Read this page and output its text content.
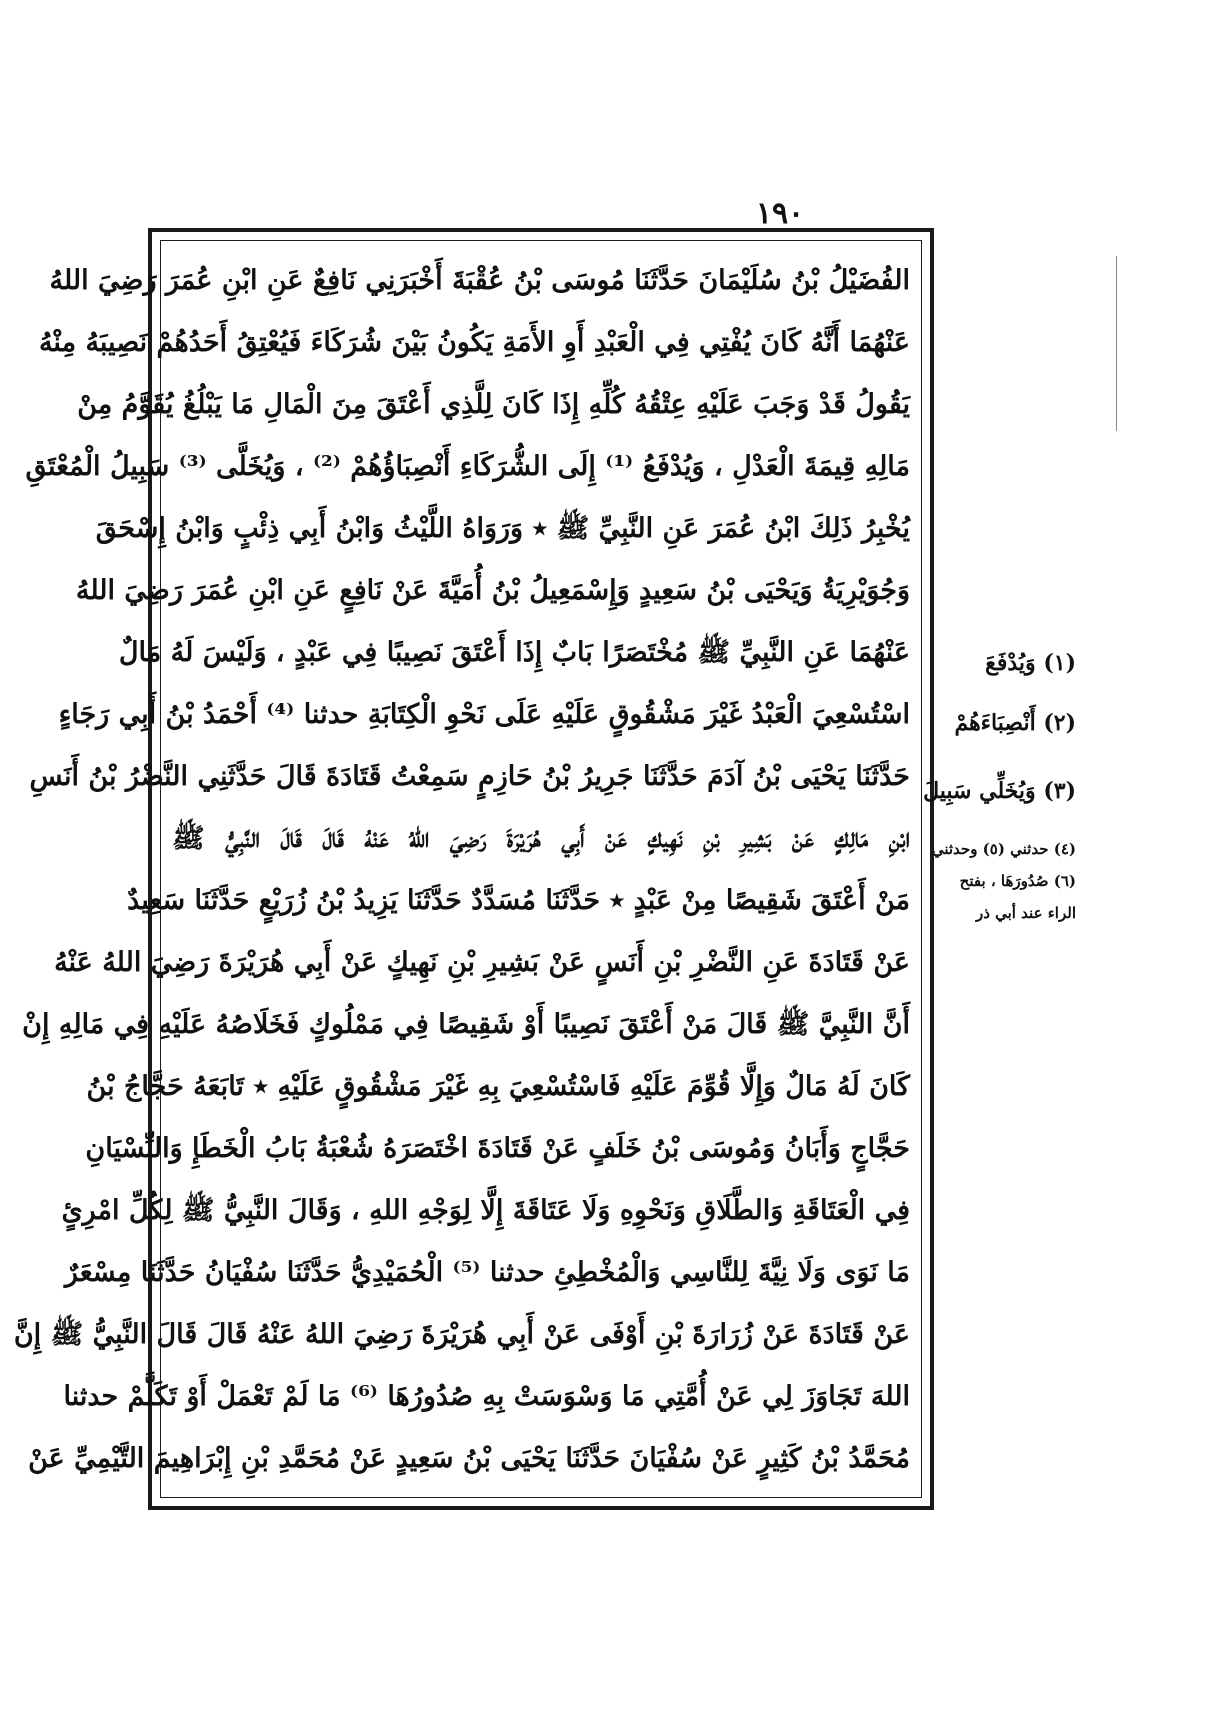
١٩٠
الفُضَيْلُ بْنُ سُلَيْمَانَ حَدَّثَنَا مُوسَى بْنُ عُقْبَةَ أَخْبَرَنِي نَافِعٌ عَنِ ابْنِ عُمَرَ رَضِيَ اللهُ
عَنْهُمَا أَنَّهُ كَانَ يُفْتِي فِي الْعَبْدِ أَوِ الأَمَةِ يَكُونُ بَيْنَ شُرَكَاءَ فَيُعْتِقُ أَحَدُهُمْ نَصِيبَهُ مِنْهُ
يَقُولُ قَدْ وَجَبَ عَلَيْهِ عِتْقُهُ كُلِّهِ إِذَا كَانَ لِلَّذِي أَعْتَقَ مِنَ الْمَالِ مَا يَبْلُغُ يُقَوَّمُ مِنْ
مَالِهِ قِيمَةَ الْعَدْلِ ، وَيُدْفَعُ ⁽¹⁾ إِلَى الشُّرَكَاءِ أَنْصِبَاؤُهُمْ ⁽²⁾ ، وَيُخَلَّى ⁽³⁾ سَبِيلُ الْمُعْتَقِ
يُخْبِرُ ذَلِكَ ابْنُ عُمَرَ عَنِ النَّبِيِّ ﷺ ٭ وَرَوَاهُ اللَّيْثُ وَابْنُ أَبِي ذِئْبٍ وَابْنُ إِسْحَقَ
وَجُوَيْرِيَةُ وَيَحْيَى بْنُ سَعِيدٍ وَإِسْمَعِيلُ بْنُ أُمَيَّةَ عَنْ نَافِعٍ عَنِ ابْنِ عُمَرَ رَضِيَ اللهُ
عَنْهُمَا عَنِ النَّبِيِّ ﷺ مُخْتَصَرًا بَابٌ إِذَا أَعْتَقَ نَصِيبًا فِي عَبْدٍ ، وَلَيْسَ لَهُ مَالٌ
اسْتُسْعِيَ الْعَبْدُ غَيْرَ مَشْقُوقٍ عَلَيْهِ عَلَى نَحْوِ الْكِتَابَةِ حدثنا ⁽⁴⁾ أَحْمَدُ بْنُ أَبِي رَجَاءٍ
حَدَّثَنَا يَحْيَى بْنُ آدَمَ حَدَّثَنَا جَرِيرُ بْنُ حَازِمٍ سَمِعْتُ قَتَادَةَ قَالَ حَدَّثَنِي النَّضْرُ بْنُ أَنَسِ
ابْنِ مَالِكٍ عَنْ بَشِيرِ بْنِ نَهِيكٍ عَنْ أَبِي هُرَيْرَةَ رَضِيَ اللهُ عَنْهُ قَالَ قَالَ النَّبِيُّ ﷺ
مَنْ أَعْتَقَ شَقِيصًا مِنْ عَبْدٍ ٭ حَدَّثَنَا مُسَدَّدٌ حَدَّثَنَا يَزِيدُ بْنُ زُرَيْعٍ حَدَّثَنَا سَعِيدٌ
عَنْ قَتَادَةَ عَنِ النَّضْرِ بْنِ أَنَسٍ عَنْ بَشِيرِ بْنِ نَهِيكٍ عَنْ أَبِي هُرَيْرَةَ رَضِيَ اللهُ عَنْهُ
أَنَّ النَّبِيَّ ﷺ قَالَ مَنْ أَعْتَقَ نَصِيبًا أَوْ شَقِيصًا فِي مَمْلُوكٍ فَخَلَاصُهُ عَلَيْهِ فِي مَالِهِ إِنْ
كَانَ لَهُ مَالٌ وَإِلَّا قُوِّمَ عَلَيْهِ فَاسْتُسْعِيَ بِهِ غَيْرَ مَشْقُوقٍ عَلَيْهِ ٭ تَابَعَهُ حَجَّاجُ بْنُ
حَجَّاجٍ وَأَبَانُ وَمُوسَى بْنُ خَلَفٍ عَنْ قَتَادَةَ اخْتَصَرَهُ شُعْبَةُ بَابُ الْخَطَإِ وَالنِّسْيَانِ
فِي الْعَتَاقَةِ وَالطَّلَاقِ وَنَحْوِهِ وَلَا عَتَاقَةَ إِلَّا لِوَجْهِ اللهِ ، وَقَالَ النَّبِيُّ ﷺ لِكُلِّ امْرِئٍ
مَا نَوَى وَلَا نِيَّةَ لِلنَّاسِي وَالْمُخْطِئِ حدثنا ⁽⁵⁾ الْحُمَيْدِيُّ حَدَّثَنَا سُفْيَانُ حَدَّثَنَا مِسْعَرٌ
عَنْ قَتَادَةَ عَنْ زُرَارَةَ بْنِ أَوْفَى عَنْ أَبِي هُرَيْرَةَ رَضِيَ اللهُ عَنْهُ قَالَ قَالَ النَّبِيُّ ﷺ إِنَّ
اللهَ تَجَاوَزَ لِي عَنْ أُمَّتِي مَا وَسْوَسَتْ بِهِ صُدُورُهَا ⁽⁶⁾ مَا لَمْ تَعْمَلْ أَوْ تَكَلَّمْ حدثنا
مُحَمَّدُ بْنُ كَثِيرٍ عَنْ سُفْيَانَ حَدَّثَنَا يَحْيَى بْنُ سَعِيدٍ عَنْ مُحَمَّدِ بْنِ إِبْرَاهِيمَ التَّيْمِيِّ عَنْ
(١) وَيُدْفَعَ
(٢) أَنْصِبَاءَهُمْ
(٣) وَيُخَلِّي سَبِيلَ
(٤) حدثني (٥) وحدثني
(٦) صُدُورَهَا ، بفتح
الراء عند أبي ذر
